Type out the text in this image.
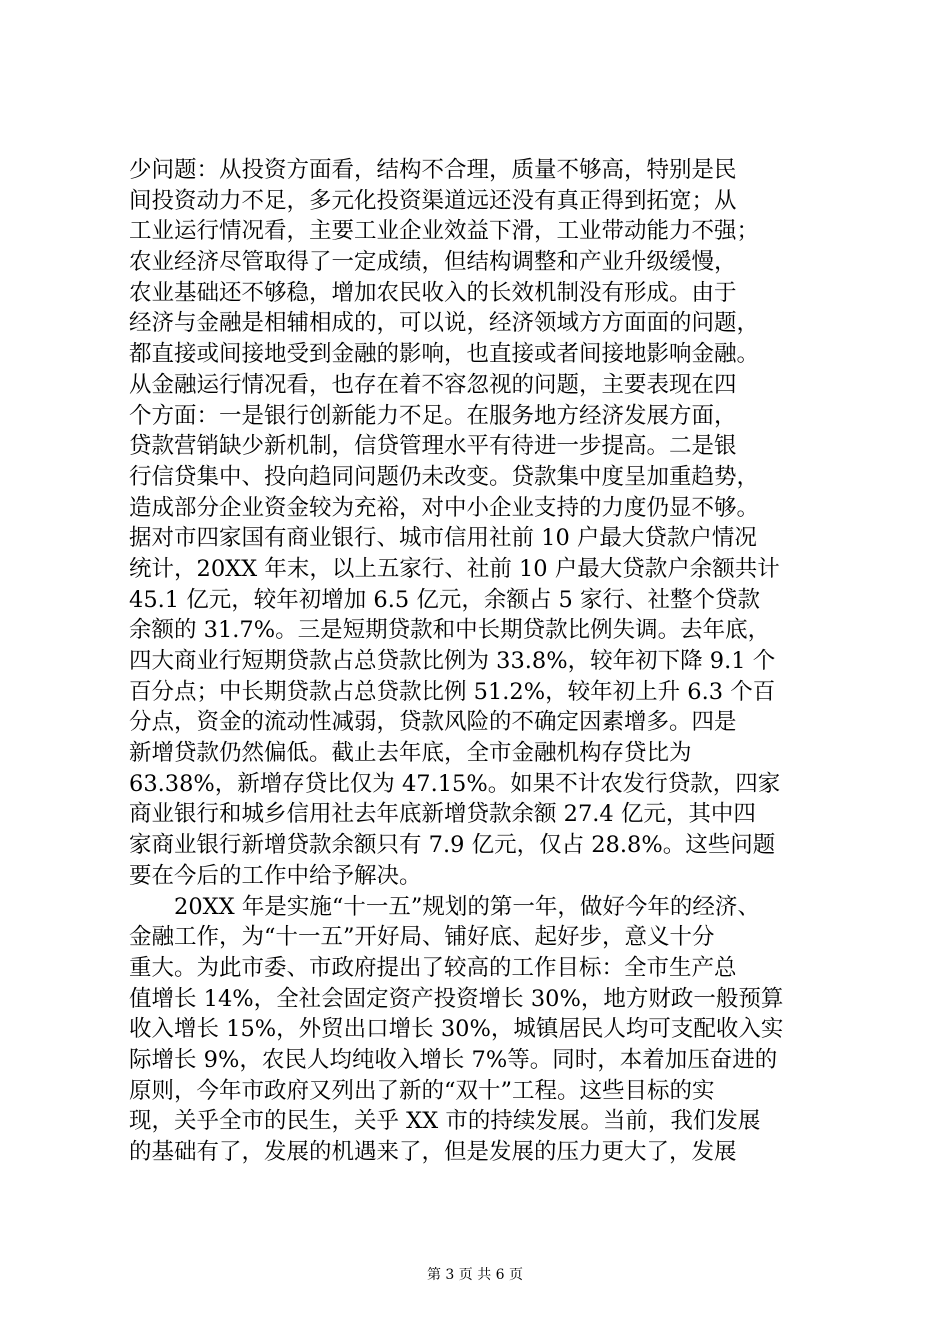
少问题：从投资方面看，结构不合理，质量不够高，特别是民
间投资动力不足，多元化投资渠道远还没有真正得到拓宽；从
工业运行情况看，主要工业企业效益下滑，工业带动能力不强；
农业经济尽管取得了一定成绩，但结构调整和产业升级缓慢，
农业基础还不够稳，增加农民收入的长效机制没有形成。由于
经济与金融是相辅相成的，可以说，经济领域方方面面的问题，
都直接或间接地受到金融的影响，也直接或者间接地影响金融。
从金融运行情况看，也存在着不容忽视的问题，主要表现在四
个方面：一是银行创新能力不足。在服务地方经济发展方面，
贷款营销缺少新机制，信贷管理水平有待进一步提高。二是银
行信贷集中、投向趋同问题仍未改变。贷款集中度呈加重趋势，
造成部分企业资金较为充裕，对中小企业支持的力度仍显不够。
据对市四家国有商业银行、城市信用社前 10 户最大贷款户情况
统计，20XX 年末，以上五家行、社前 10 户最大贷款户余额共计
45.1 亿元，较年初增加 6.5 亿元，余额占 5 家行、社整个贷款
余额的 31.7%。三是短期贷款和中长期贷款比例失调。去年底，
四大商业行短期贷款占总贷款比例为 33.8%，较年初下降 9.1 个
百分点；中长期贷款占总贷款比例 51.2%，较年初上升 6.3 个百
分点，资金的流动性减弱，贷款风险的不确定因素增多。四是
新增贷款仍然偏低。截止去年底，全市金融机构存贷比为
63.38%，新增存贷比仅为 47.15%。如果不计农发行贷款，四家
商业银行和城乡信用社去年底新增贷款余额 27.4 亿元，其中四
家商业银行新增贷款余额只有 7.9 亿元，仅占 28.8%。这些问题
要在今后的工作中给予解决。
　　20XX 年是实施“十一五”规划的第一年，做好今年的经济、
金融工作，为“十一五”开好局、铺好底、起好步，意义十分
重大。为此市委、市政府提出了较高的工作目标：全市生产总
值增长 14%，全社会固定资产投资增长 30%，地方财政一般预算
收入增长 15%，外贸出口增长 30%，城镇居民人均可支配收入实
际增长 9%，农民人均纯收入增长 7%等。同时，本着加压奋进的
原则，今年市政府又列出了新的“双十”工程。这些目标的实
现，关乎全市的民生，关乎 XX 市的持续发展。当前，我们发展
的基础有了，发展的机遇来了，但是发展的压力更大了，发展
第 3 页 共 6 页
